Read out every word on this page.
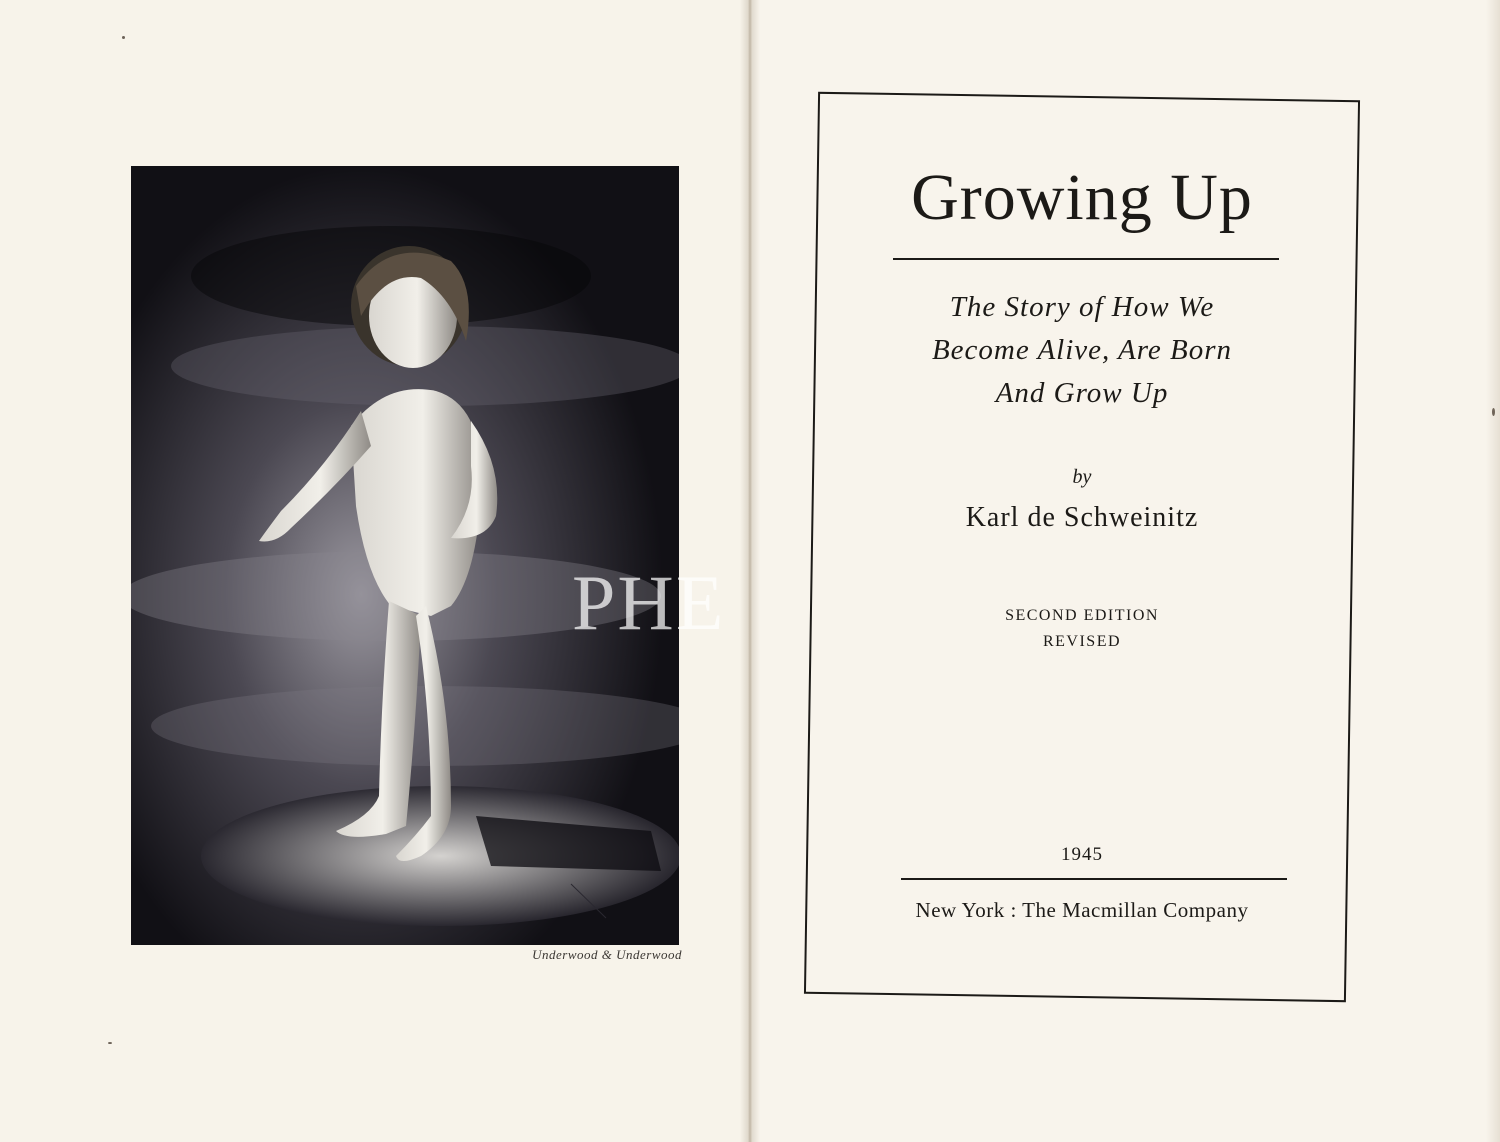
Underwood & Underwood
Growing Up
The Story of How We
Become Alive, Are Born
And Grow Up
by
Karl de Schweinitz
SECOND EDITION
REVISED
1945
New York : The Macmillan Company
PHE
